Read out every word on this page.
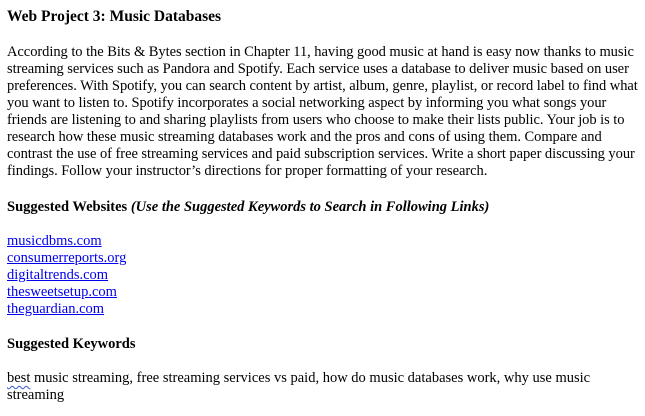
Web Project 3: Music Databases

According to the Bits & Bytes section in Chapter 11, having good music at hand is easy now thanks to music streaming services such as Pandora and Spotify. Each service uses a database to deliver music based on user preferences. With Spotify, you can search content by artist, album, genre, playlist, or record label to find what you want to listen to. Spotify incorporates a social networking aspect by informing you what songs your friends are listening to and sharing playlists from users who choose to make their lists public. Your job is to research how these music streaming databases work and the pros and cons of using them. Compare and contrast the use of free streaming services and paid subscription services. Write a short paper discussing your findings. Follow your instructor’s directions for proper formatting of your research.

Suggested Websites (Use the Suggested Keywords to Search in Following Links)
musicdbms.com
consumerreports.org
digitaltrends.com
thesweetsetup.com
theguardian.com
Suggested Keywords

best music streaming, free streaming services vs paid, how do music databases work, why use music streaming
